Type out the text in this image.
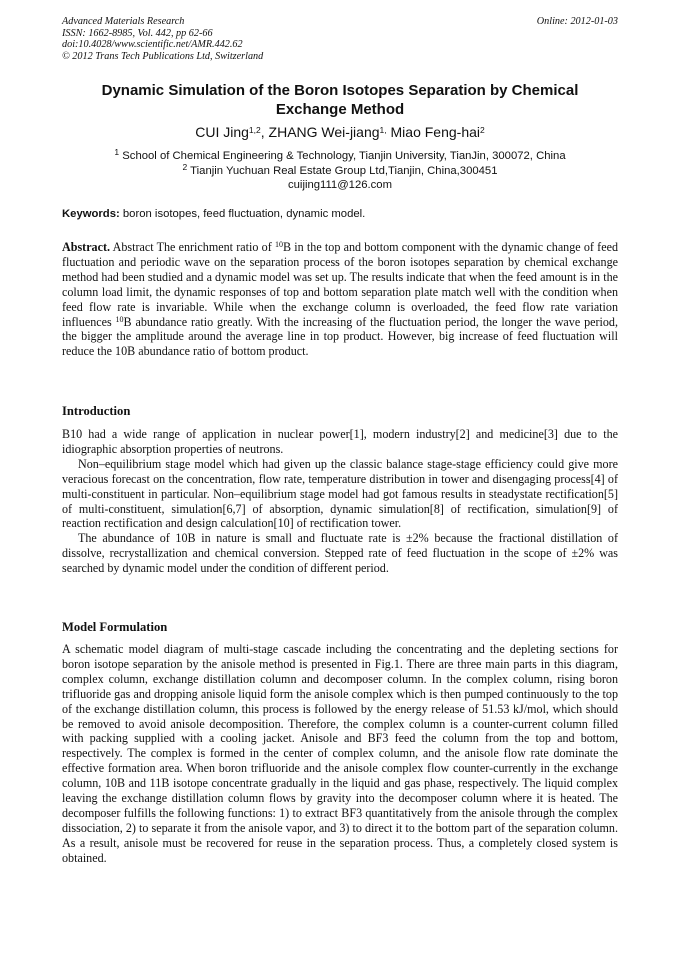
Advanced Materials Research
ISSN: 1662-8985, Vol. 442, pp 62-66
doi:10.4028/www.scientific.net/AMR.442.62
© 2012 Trans Tech Publications Ltd, Switzerland
Online: 2012-01-03
Dynamic Simulation of the Boron Isotopes Separation by Chemical
Exchange Method
CUI Jing$^{1,2}$, ZHANG Wei-jiang$^{1,}$ Miao Feng-hai$^2$
$^1$ School of Chemical Engineering & Technology, Tianjin University, TianJin, 300072, China
$^2$ Tianjin Yuchuan Real Estate Group Ltd,Tianjin, China,300451
cuijing111@126.com
Keywords: boron isotopes, feed fluctuation, dynamic model.

Abstract. Abstract The enrichment ratio of $^{10}$B in the top and bottom component with the dynamic change of feed fluctuation and periodic wave on the separation process of the boron isotopes separation by chemical exchange method had been studied and a dynamic model was set up. The results indicate that when the feed amount is in the column load limit, the dynamic responses of top and bottom separation plate match well with the condition when feed flow rate is invariable. While when the exchange column is overloaded, the feed flow rate variation influences $^{10}$B abundance ratio greatly. With the increasing of the fluctuation period, the longer the wave period, the bigger the amplitude around the average line in top product. However, big increase of feed fluctuation will reduce the 10B abundance ratio of bottom product.

Introduction

B10 had a wide range of application in nuclear power[1], modern industry[2] and medicine[3] due to the idiographic absorption properties of neutrons.

Non–equilibrium stage model which had given up the classic balance stage-stage efficiency could give more veracious forecast on the concentration, flow rate, temperature distribution in tower and disengaging process[4] of multi-constituent in particular. Non–equilibrium stage model had got famous results in steadystate rectification[5] of multi-constituent, simulation[6,7] of absorption, dynamic simulation[8] of rectification, simulation[9] of reaction rectification and design calculation[10] of rectification tower.

The abundance of 10B in nature is small and fluctuate rate is ±2% because the fractional distillation of dissolve, recrystallization and chemical conversion. Stepped rate of feed fluctuation in the scope of ±2% was searched by dynamic model under the condition of different period.

Model Formulation

A schematic model diagram of multi-stage cascade including the concentrating and the depleting sections for boron isotope separation by the anisole method is presented in Fig.1. There are three main parts in this diagram, complex column, exchange distillation column and decomposer column. In the complex column, rising boron trifluoride gas and dropping anisole liquid form the anisole complex which is then pumped continuously to the top of the exchange distillation column, this process is followed by the energy release of 51.53 kJ/mol, which should be removed to avoid anisole decomposition. Therefore, the complex column is a counter-current column filled with packing supplied with a cooling jacket. Anisole and BF3 feed the column from the top and bottom, respectively. The complex is formed in the center of complex column, and the anisole flow rate dominate the effective formation area. When boron trifluoride and the anisole complex flow counter-currently in the exchange column, 10B and 11B isotope concentrate gradually in the liquid and gas phase, respectively. The liquid complex leaving the exchange distillation column flows by gravity into the decomposer column where it is heated. The decomposer fulfills the following functions: 1) to extract BF3 quantitatively from the anisole through the complex dissociation, 2) to separate it from the anisole vapor, and 3) to direct it to the bottom part of the separation column. As a result, anisole must be recovered for reuse in the separation process. Thus, a completely closed system is obtained.
